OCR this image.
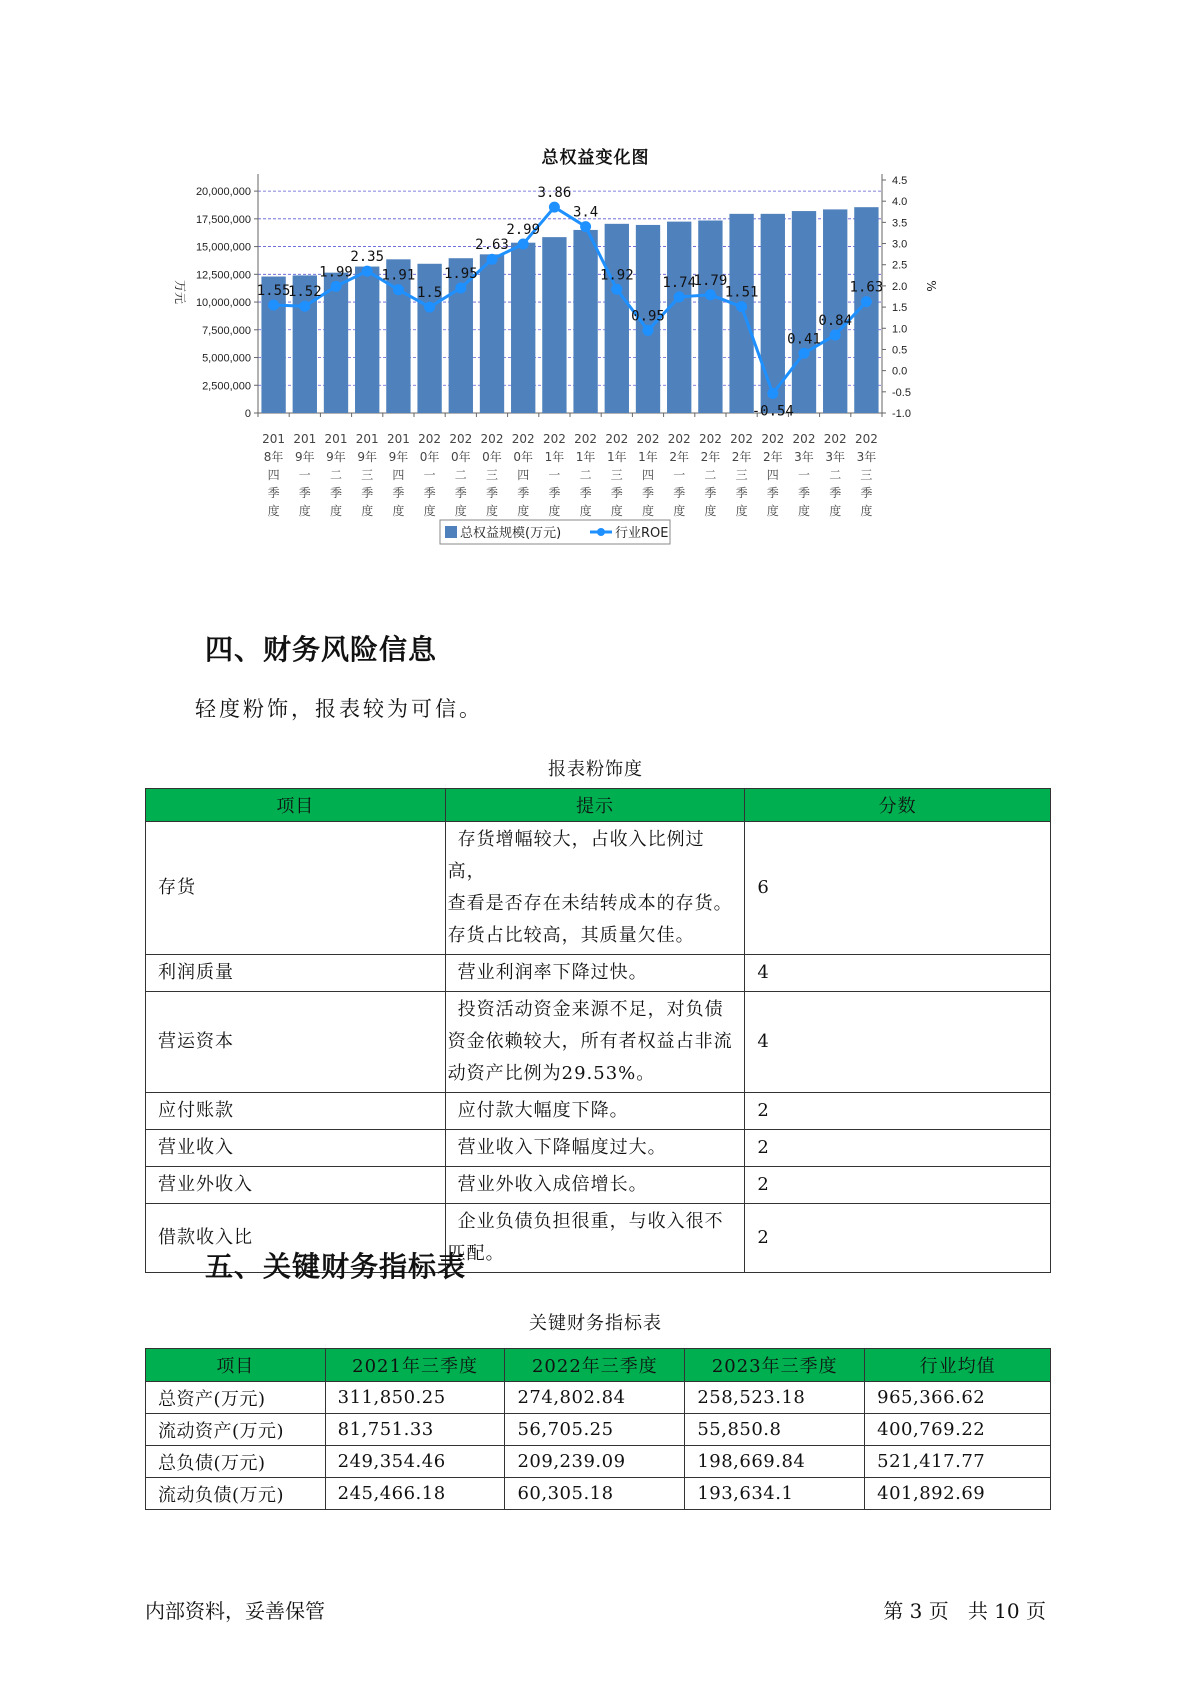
总权益变化图
0
2,500,000
5,000,000
7,500,000
10,000,000
12,500,000
15,000,000
17,500,000
20,000,000
-1.0
-0.5
0.0
0.5
1.0
1.5
2.0
2.5
3.0
3.5
4.0
4.5
万元	%
201
8年
四
季
度
201
9年
一
季
度
201
9年
二
季
度
201
9年
三
季
度
201
9年
四
季
度
202
0年
一
季
度
202
0年
二
季
度
202
0年
三
季
度
202
0年
四
季
度
202
1年
一
季
度
202
1年
二
季
度
202
1年
三
季
度
202
1年
四
季
度
202
2年
一
季
度
202
2年
二
季
度
202
2年
三
季
度
202
2年
四
季
度
202
3年
一
季
度
202
3年
二
季
度
202
3年
三
季
度
1.55
1.52
1.99
2.35
1.91
1.5
1.95
2.63
2.99
3.86
3.4
1.92
0.95
1.74
1.79
1.51
-0.54
0.41
0.84
1.63
总权益规模(万元)	行业ROE
四、财务风险信息
轻度粉饰，报表较为可信。
报表粉饰度
项目	提示	分数
存货	存货增幅较大，占收入比例过高，
查看是否存在未结转成本的存货。
存货占比较高，其质量欠佳。	6
利润质量	营业利润率下降过快。	4
营运资本	投资活动资金来源不足，对负债
资金依赖较大，所有者权益占非流
动资产比例为29.53%。	4
应付账款	应付款大幅度下降。	2
营业收入	营业收入下降幅度过大。	2
营业外收入	营业外收入成倍增长。	2
借款收入比	企业负债负担很重，与收入很不
匹配。	2
五、关键财务指标表
关键财务指标表
项目	2021年三季度	2022年三季度	2023年三季度	行业均值
总资产(万元)	311,850.25	274,802.84	258,523.18	965,366.62
流动资产(万元)	81,751.33	56,705.25	55,850.8	400,769.22
总负债(万元)	249,354.46	209,239.09	198,669.84	521,417.77
流动负债(万元)	245,466.18	60,305.18	193,634.1	401,892.69
内部资料，妥善保管	第 3 页   共 10 页
